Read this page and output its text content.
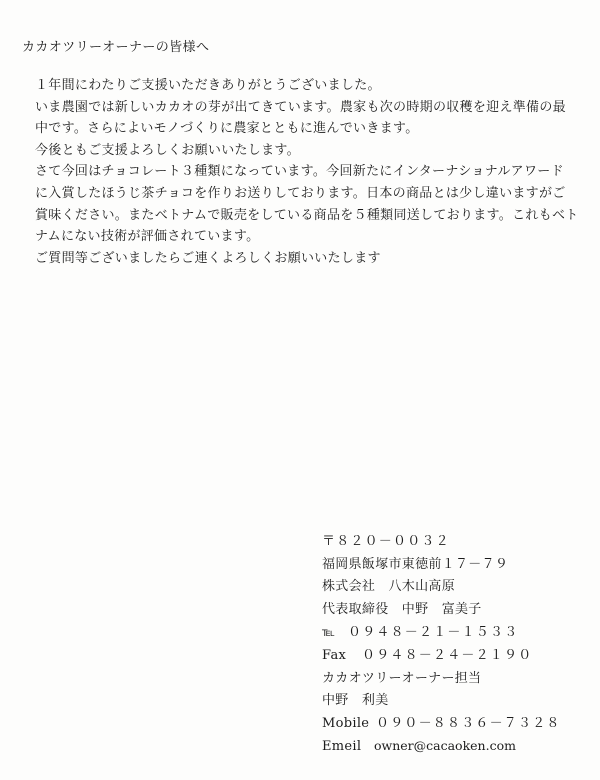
カカオツリーオーナーの皆様へ
１年間にわたりご支援いただきありがとうございました。
いま農園では新しいカカオの芽が出てきています。農家も次の時期の収穫を迎え準備の最
中です。さらによいモノづくりに農家とともに進んでいきます。
今後ともご支援よろしくお願いいたします。
さて今回はチョコレート３種類になっています。今回新たにインターナショナルアワード
に入賞したほうじ茶チョコを作りお送りしております。日本の商品とは少し違いますがご
賞味ください。またベトナムで販売をしている商品を５種類同送しております。これもベト
ナムにない技術が評価されています。
ご質問等ございましたらご連くよろしくお願いいたします
〒８２０－００３２
福岡県飯塚市東徳前１７－７９
株式会社　八木山高原
代表取締役　中野　富美子
℡ ０９４８－２１－１５３３
Fax ０９４８－２４－２１９０
カカオツリーオーナー担当
中野　利美
Mobile ０９０－８８３６－７３２８
Emeil owner@cacaoken.com
